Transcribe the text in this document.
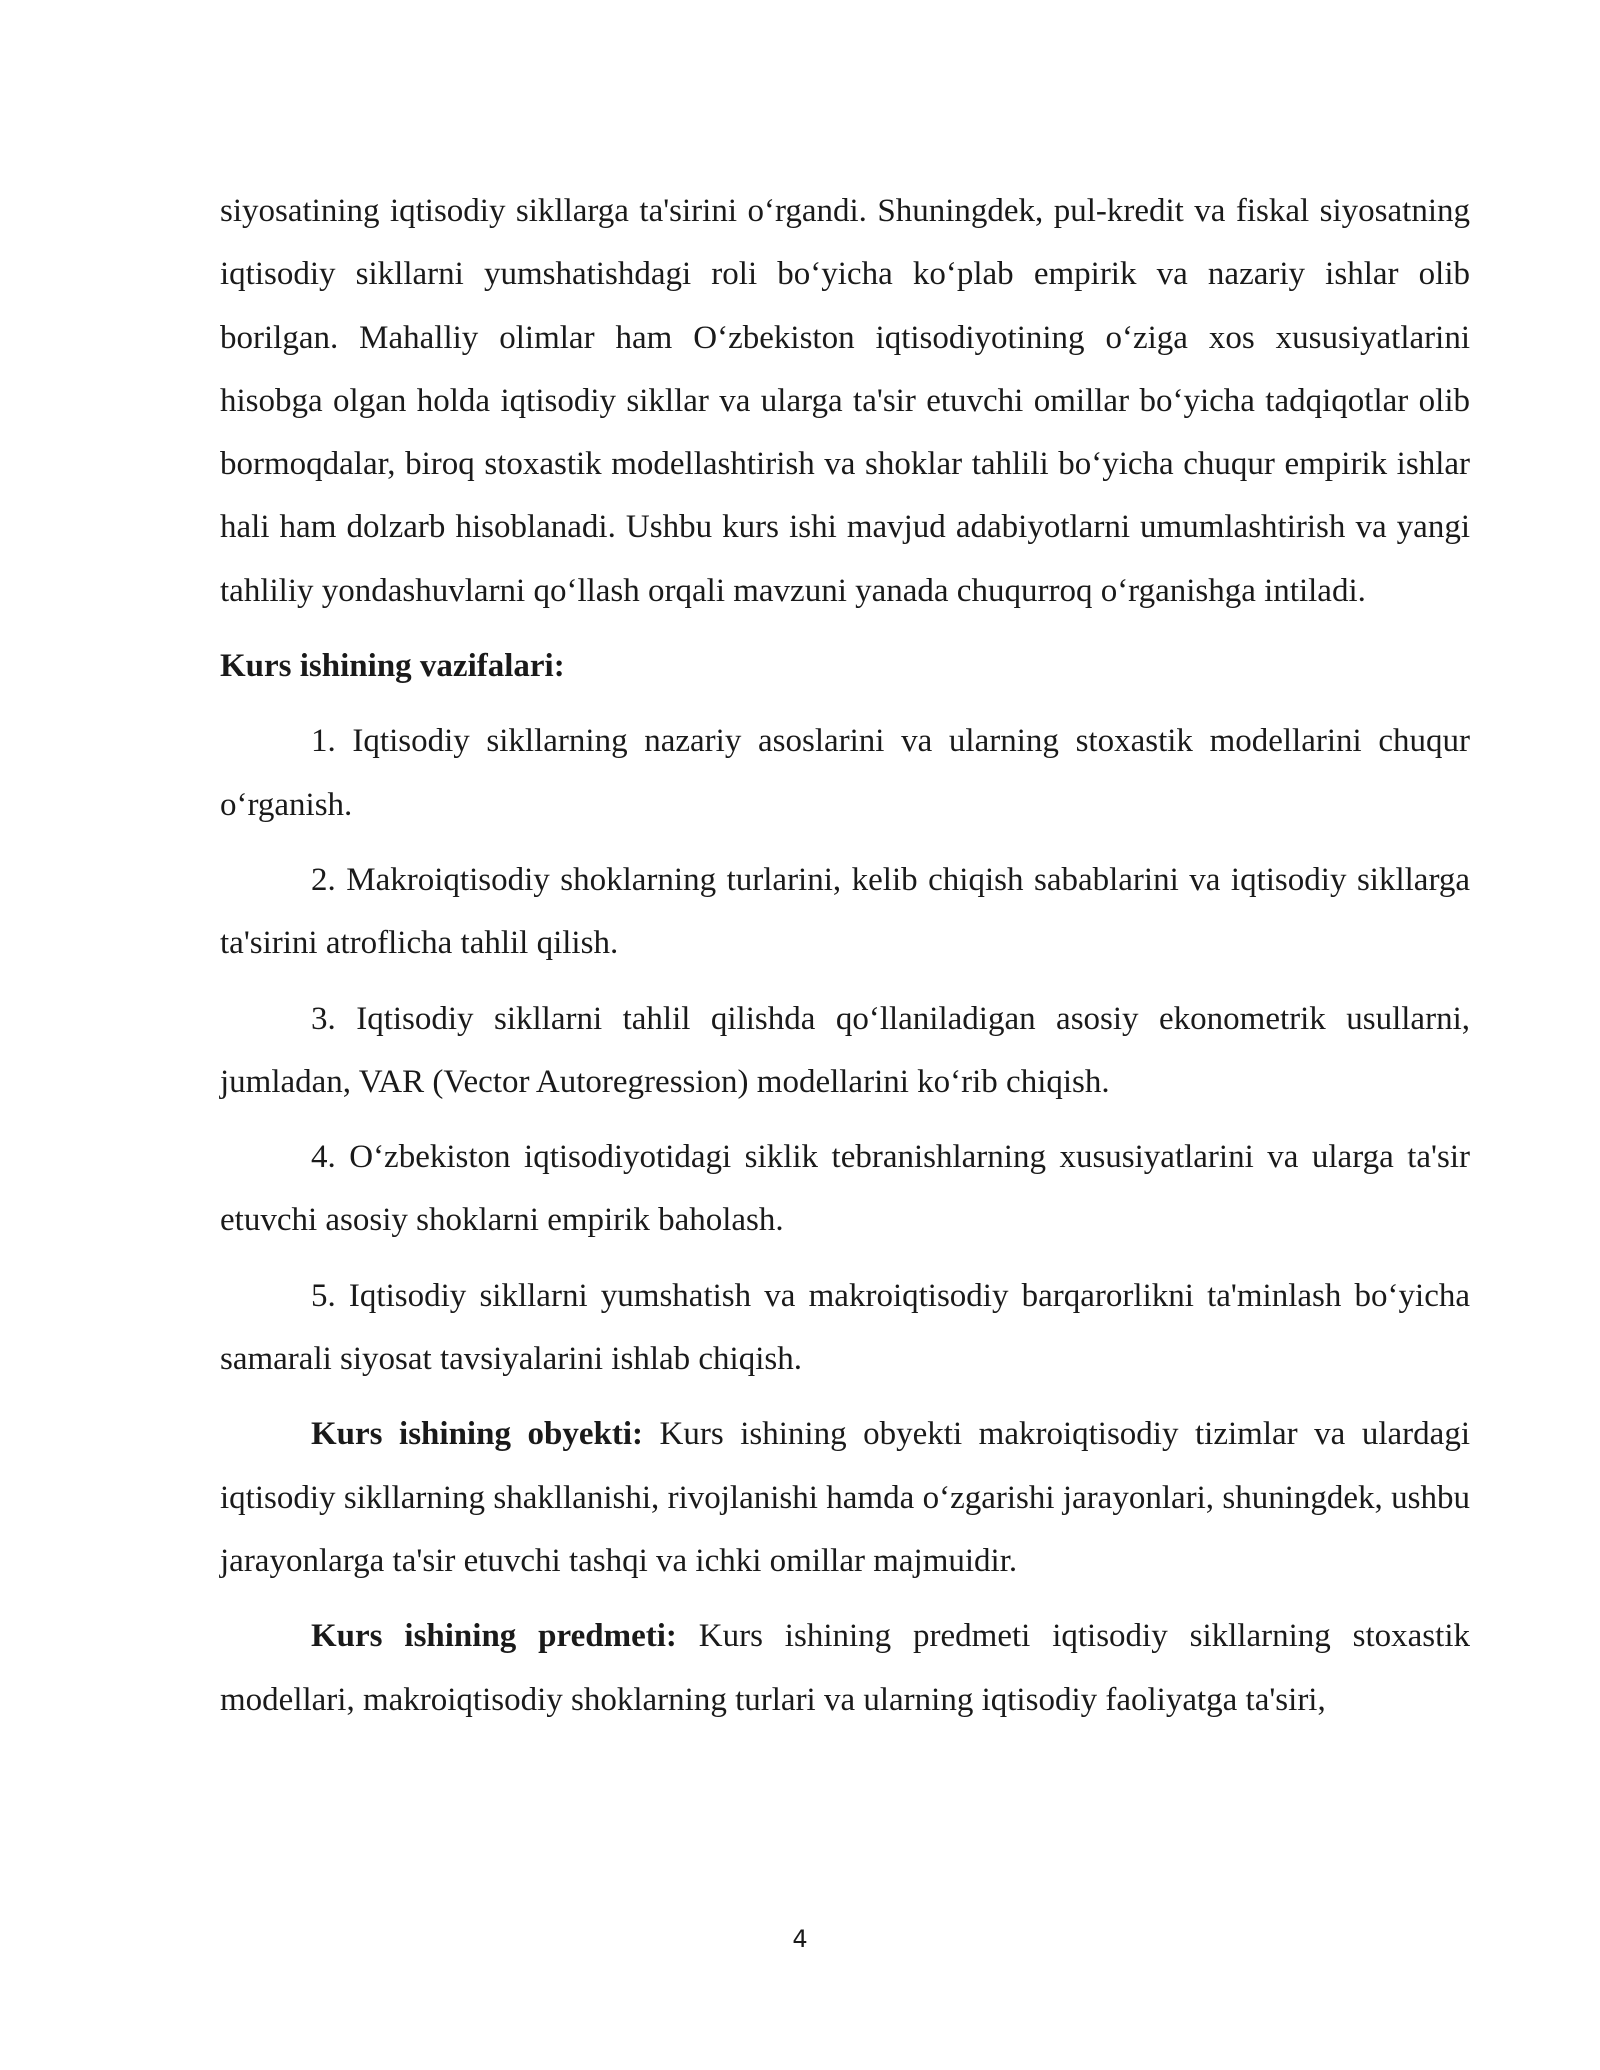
siyosatining iqtisodiy sikllarga ta'sirini o‘rgandi. Shuningdek, pul-kredit va fiskal siyosatning iqtisodiy sikllarni yumshatishdagi roli bo‘yicha ko‘plab empirik va nazariy ishlar olib borilgan. Mahalliy olimlar ham O‘zbekiston iqtisodiyotining o‘ziga xos xususiyatlarini hisobga olgan holda iqtisodiy sikllar va ularga ta'sir etuvchi omillar bo‘yicha tadqiqotlar olib bormoqdalar, biroq stoxastik modellashtirish va shoklar tahlili bo‘yicha chuqur empirik ishlar hali ham dolzarb hisoblanadi. Ushbu kurs ishi mavjud adabiyotlarni umumlashtirish va yangi tahliliy yondashuvlarni qo‘llash orqali mavzuni yanada chuqurroq o‘rganishga intiladi.

Kurs ishining vazifalari:

1. Iqtisodiy sikllarning nazariy asoslarini va ularning stoxastik modellarini chuqur o‘rganish.

2. Makroiqtisodiy shoklarning turlarini, kelib chiqish sabablarini va iqtisodiy sikllarga ta'sirini atroflicha tahlil qilish.

3. Iqtisodiy sikllarni tahlil qilishda qo‘llaniladigan asosiy ekonometrik usullarni, jumladan, VAR (Vector Autoregression) modellarini ko‘rib chiqish.

4. O‘zbekiston iqtisodiyotidagi siklik tebranishlarning xususiyatlarini va ularga ta'sir etuvchi asosiy shoklarni empirik baholash.

5. Iqtisodiy sikllarni yumshatish va makroiqtisodiy barqarorlikni ta'minlash bo‘yicha samarali siyosat tavsiyalarini ishlab chiqish.

Kurs ishining obyekti: Kurs ishining obyekti makroiqtisodiy tizimlar va ulardagi iqtisodiy sikllarning shakllanishi, rivojlanishi hamda o‘zgarishi jarayonlari, shuningdek, ushbu jarayonlarga ta'sir etuvchi tashqi va ichki omillar majmuidir.

Kurs ishining predmeti: Kurs ishining predmeti iqtisodiy sikllarning stoxastik modellari, makroiqtisodiy shoklarning turlari va ularning iqtisodiy faoliyatga ta'siri,

4
